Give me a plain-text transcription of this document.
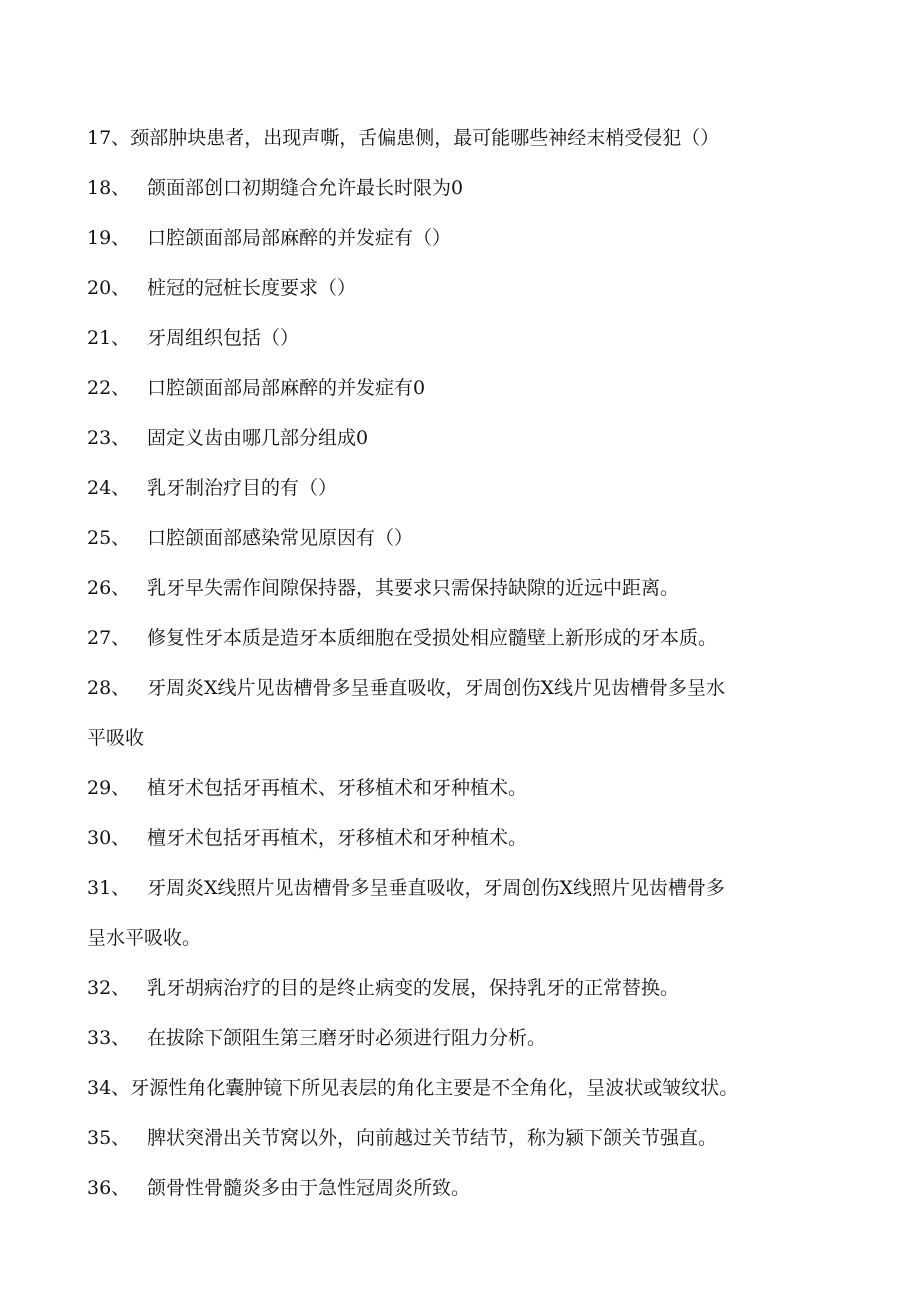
17、 颈部肿块患者，出现声嘶，舌偏患侧，最可能哪些神经末梢受侵犯（）
18、 颌面部创口初期缝合允许最长时限为0
19、 口腔颌面部局部麻醉的并发症有（）
20、 桩冠的冠桩长度要求（）
21、 牙周组织包括（）
22、 口腔颌面部局部麻醉的并发症有0
23、 固定义齿由哪几部分组成0
24、 乳牙制治疗目的有（）
25、 口腔颌面部感染常见原因有（）
26、 乳牙早失需作间隙保持器，其要求只需保持缺隙的近远中距离。
27、 修复性牙本质是造牙本质细胞在受损处相应髓壁上新形成的牙本质。
28、 牙周炎X线片见齿槽骨多呈垂直吸收，牙周创伤X线片见齿槽骨多呈水
平吸收
29、 植牙术包括牙再植术、牙移植术和牙种植术。
30、 檀牙术包括牙再植术，牙移植术和牙种植术。
31、 牙周炎X线照片见齿槽骨多呈垂直吸收，牙周创伤X线照片见齿槽骨多
呈水平吸收。
32、 乳牙胡病治疗的目的是终止病变的发展，保持乳牙的正常替换。
33、 在拔除下颌阻生第三磨牙时必须进行阻力分析。
34、 牙源性角化囊肿镜下所见表层的角化主要是不全角化，呈波状或皱纹状。
35、 脾状突滑出关节窝以外，向前越过关节结节，称为颍下颌关节强直。
36、 颌骨性骨髓炎多由于急性冠周炎所致。
